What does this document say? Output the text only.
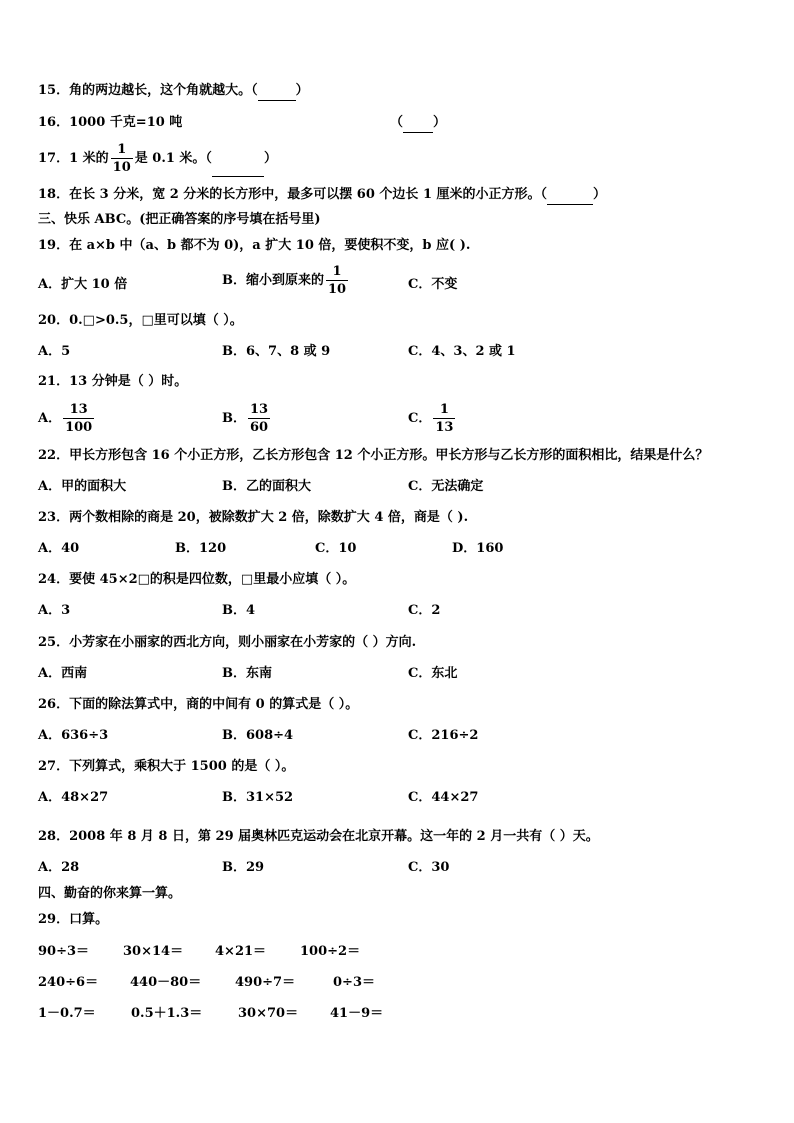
15．角的两边越长，这个角就越大。（	）
16．1000 千克=10 吨	（ ）
17．1 米的 $\frac{1}{10}$ 是 0.1 米。（	）
18．在长 3 分米，宽 2 分米的长方形中，最多可以摆 60 个边长 1 厘米的小正方形。（	）
三、快乐 ABC。(把正确答案的序号填在括号里)
19．在 a×b 中（a、b 都不为 0)，a 扩大 10 倍，要使积不变，b 应( ).
A．扩大 10 倍	B．缩小到原来的 $\frac{1}{10}$	C．不变
20．0.□>0.5，□里可以填（ ）。
A．5	B．6、7、8 或 9	C．4、3、2 或 1
21．13 分钟是（ ）时。
A． $\frac{13}{100}$	B． $\frac{13}{60}$	C． $\frac{1}{13}$
22．甲长方形包含 16 个小正方形，乙长方形包含 12 个小正方形。甲长方形与乙长方形的面积相比，结果是什么？
A．甲的面积大	B．乙的面积大	C．无法确定
23．两个数相除的商是 20，被除数扩大 2 倍，除数扩大 4 倍，商是（ ).
A．40	B．120	C．10	D．160
24．要使 45×2□的积是四位数，□里最小应填（ ）。
A．3	B．4	C．2
25．小芳家在小丽家的西北方向，则小丽家在小芳家的（ ）方向.
A．西南	B．东南	C．东北
26．下面的除法算式中，商的中间有 0 的算式是（ ）。
A．636÷3	B．608÷4	C．216÷2
27．下列算式，乘积大于 1500 的是（ ）。
A．48×27	B．31×52	C．44×27
28．2008 年 8 月 8 日，第 29 届奥林匹克运动会在北京开幕。这一年的 2 月一共有（ ）天。
A．28	B．29	C．30
四、勤奋的你来算一算。
29．口算。
90÷3＝	30×14＝ 4×21＝	100÷2＝
240÷6＝ 440－80＝	490÷7＝	0÷3＝
1－0.7＝	0.5＋1.3＝	30×70＝ 41－9＝
